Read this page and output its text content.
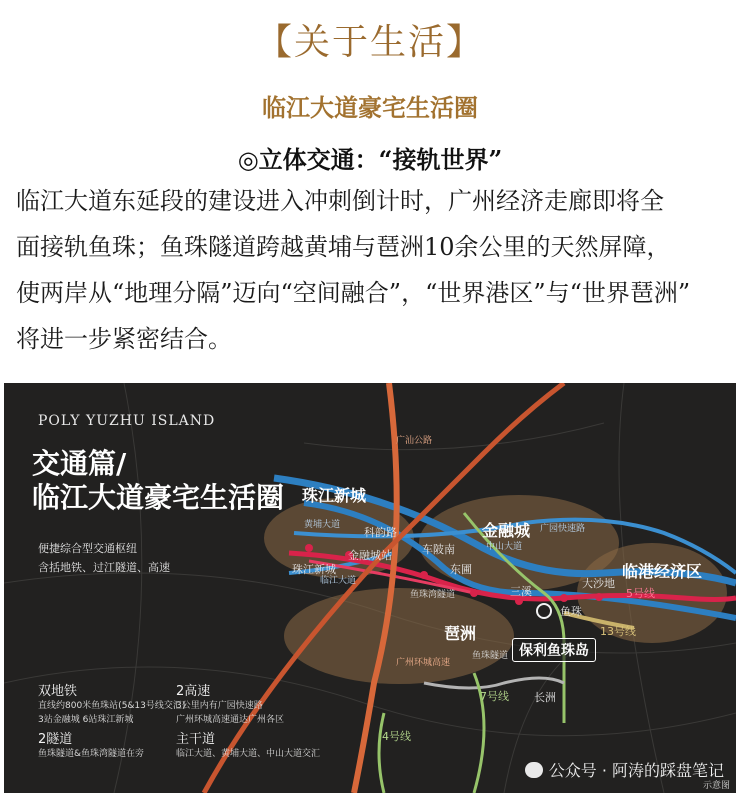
【关于生活】
临江大道豪宅生活圈
◎立体交通：“接轨世界”
临江大道东延段的建设进入冲刺倒计时，广州经济走廊即将全
面接轨鱼珠；鱼珠隧道跨越黄埔与琶洲10余公里的天然屏障，
使两岸从“地理分隔”迈向“空间融合”，“世界港区”与“世界琶洲”
将进一步紧密结合。
POLY YUZHU ISLAND
交通篇/
临江大道豪宅生活圈
便捷综合型交通枢纽
含括地铁、过江隧道、高速
双地铁
直线约800米鱼珠站(5&13号线交汇)
3站金融城 6站珠江新城
2高速
3公里内有广园快速路
广州环城高速通达广州各区
2隧道
鱼珠隧道&鱼珠湾隧道在旁
主干道
临江大道、黄埔大道、中山大道交汇
珠江新城
金融城
琶洲
临港经济区
科韵路
车陂南
珠江新城
金融城站
东圃
三溪
鱼珠
大沙地
长洲
广汕公路
黄埔大道
中山大道
广园快速路
临江大道
广州环城高速
鱼珠隧道
鱼珠湾隧道	5号线
13号线
7号线
4号线
保利鱼珠岛
示意图
公众号 · 阿涛的踩盘笔记
